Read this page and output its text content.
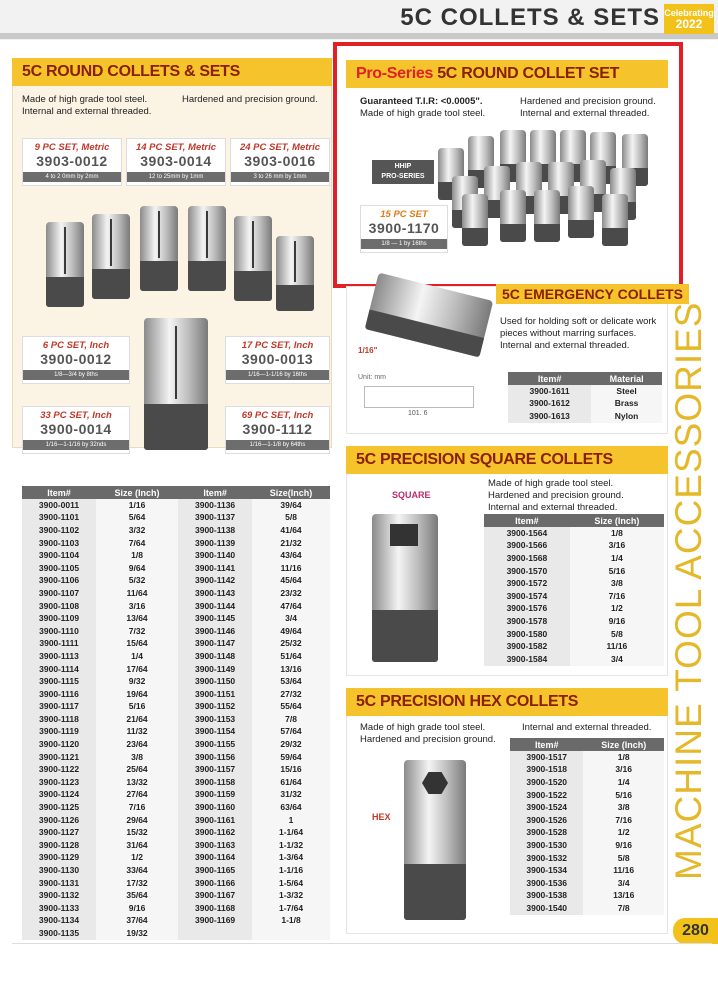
5C COLLETS & SETS Celebrating
2022
5C ROUND COLLETS & SETS
Made of high grade tool steel.
Internal and external threaded.
Hardened and precision ground.
9 PC SET, Metric
3903-0012
4 to 2 0mm by 2mm
14 PC SET, Metric
3903-0014
12 to 25mm by 1mm
24 PC SET, Metric
3903-0016
3 to 26 mm by 1mm
6 PC SET, Inch
3900-0012
1/8—3/4 by 8ths
17 PC SET, Inch
3900-0013
1/16—1-1/16 by 16ths
33 PC SET, Inch
3900-0014
1/16—1-1/16 by 32nds
69 PC SET, Inch
3900-1112
1/16—1-1/8 by 64ths
Item#	Size (Inch)	Item#	Size(Inch)
3900-0011	1/16	3900-1136	39/64
3900-1101	5/64	3900-1137	5/8
3900-1102	3/32	3900-1138	41/64
3900-1103	7/64	3900-1139	21/32
3900-1104	1/8	3900-1140	43/64
3900-1105	9/64	3900-1141	11/16
3900-1106	5/32	3900-1142	45/64
3900-1107	11/64	3900-1143	23/32
3900-1108	3/16	3900-1144	47/64
3900-1109	13/64	3900-1145	3/4
3900-1110	7/32	3900-1146	49/64
3900-1111	15/64	3900-1147	25/32
3900-1113	1/4	3900-1148	51/64
3900-1114	17/64	3900-1149	13/16
3900-1115	9/32	3900-1150	53/64
3900-1116	19/64	3900-1151	27/32
3900-1117	5/16	3900-1152	55/64
3900-1118	21/64	3900-1153	7/8
3900-1119	11/32	3900-1154	57/64
3900-1120	23/64	3900-1155	29/32
3900-1121	3/8	3900-1156	59/64
3900-1122	25/64	3900-1157	15/16
3900-1123	13/32	3900-1158	61/64
3900-1124	27/64	3900-1159	31/32
3900-1125	7/16	3900-1160	63/64
3900-1126	29/64	3900-1161	1
3900-1127	15/32	3900-1162	1-1/64
3900-1128	31/64	3900-1163	1-1/32
3900-1129	1/2	3900-1164	1-3/64
3900-1130	33/64	3900-1165	1-1/16
3900-1131	17/32	3900-1166	1-5/64
3900-1132	35/64	3900-1167	1-3/32
3900-1133	9/16	3900-1168	1-7/64
3900-1134	37/64	3900-1169	1-1/8
3900-1135	19/32		
Pro-Series 5C ROUND COLLET SET
Guaranteed T.I.R: <0.0005".
Made of high grade tool steel.
Hardened and precision ground.
Internal and external threaded.
HHIP
PRO-SERIES
15 PC SET
3900-1170
1/8 — 1 by 16ths
5C EMERGENCY COLLETS
1/16"
Used for holding soft or delicate work pieces without marring surfaces.
Internal and external threaded.
Unit: mm
101. 6
Item#	Material
3900-1611	Steel
3900-1612	Brass
3900-1613	Nylon
5C PRECISION SQUARE COLLETS
Made of high grade tool steel.
Hardened and precision ground.
Internal and external threaded.
SQUARE
Item#	Size (Inch)
3900-1564	1/8
3900-1566	3/16
3900-1568	1/4
3900-1570	5/16
3900-1572	3/8
3900-1574	7/16
3900-1576	1/2
3900-1578	9/16
3900-1580	5/8
3900-1582	11/16
3900-1584	3/4
5C PRECISION HEX COLLETS
Made of high grade tool steel.
Hardened and precision ground.
Internal and external threaded.
HEX
Item#	Size (Inch)
3900-1517	1/8
3900-1518	3/16
3900-1520	1/4
3900-1522	5/16
3900-1524	3/8
3900-1526	7/16
3900-1528	1/2
3900-1530	9/16
3900-1532	5/8
3900-1534	11/16
3900-1536	3/4
3900-1538	13/16
3900-1540	7/8
MACHINE TOOL ACCESSORIES
280
